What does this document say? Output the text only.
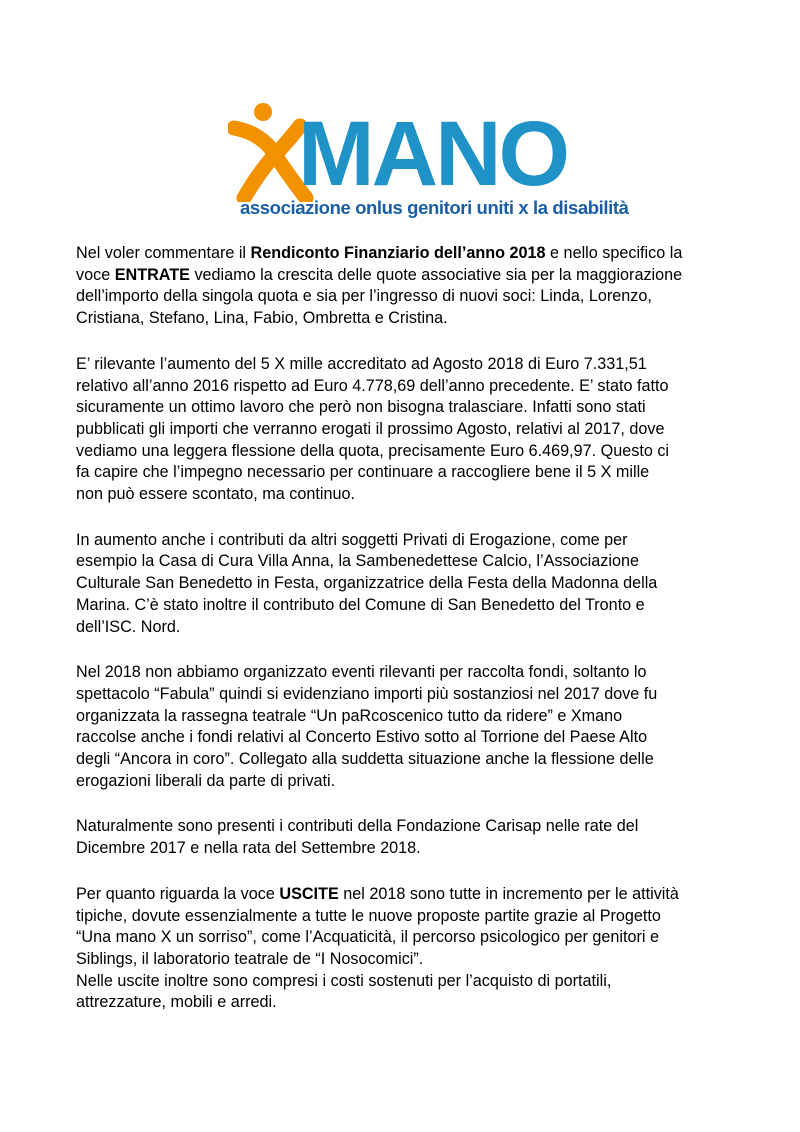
MANO
associazione onlus genitori uniti x la disabilità

Nel voler commentare il Rendiconto Finanziario dell’anno 2018 e nello specifico la
voce ENTRATE vediamo la crescita delle quote associative sia per la maggiorazione
dell’importo della singola quota e sia per l’ingresso di nuovi soci: Linda, Lorenzo,
Cristiana, Stefano, Lina, Fabio, Ombretta e Cristina.

E’ rilevante l’aumento del 5 X mille accreditato ad Agosto 2018 di Euro 7.331,51
relativo all’anno 2016 rispetto ad Euro 4.778,69 dell’anno precedente. E’ stato fatto
sicuramente un ottimo lavoro che però non bisogna tralasciare. Infatti sono stati
pubblicati gli importi che verranno erogati il prossimo Agosto, relativi al 2017, dove
vediamo una leggera flessione della quota, precisamente Euro 6.469,97. Questo ci
fa capire che l’impegno necessario per continuare a raccogliere bene il 5 X mille
non può essere scontato, ma continuo.

In aumento anche i contributi da altri soggetti Privati di Erogazione, come per
esempio la Casa di Cura Villa Anna, la Sambenedettese Calcio, l’Associazione
Culturale San Benedetto in Festa, organizzatrice della Festa della Madonna della
Marina. C’è stato inoltre il contributo del Comune di San Benedetto del Tronto e
dell’ISC. Nord.

Nel 2018 non abbiamo organizzato eventi rilevanti per raccolta fondi, soltanto lo
spettacolo “Fabula” quindi si evidenziano importi più sostanziosi nel 2017 dove fu
organizzata la rassegna teatrale “Un paRcoscenico tutto da ridere” e Xmano
raccolse anche i fondi relativi al Concerto Estivo sotto al Torrione del Paese Alto
degli “Ancora in coro”. Collegato alla suddetta situazione anche la flessione delle
erogazioni liberali da parte di privati.

Naturalmente sono presenti i contributi della Fondazione Carisap nelle rate del
Dicembre 2017 e nella rata del Settembre 2018.

Per quanto riguarda la voce USCITE nel 2018 sono tutte in incremento per le attività
tipiche, dovute essenzialmente a tutte le nuove proposte partite grazie al Progetto
“Una mano X un sorriso”, come l’Acquaticità, il percorso psicologico per genitori e
Siblings, il laboratorio teatrale de “I Nosocomici”.

Nelle uscite inoltre sono compresi i costi sostenuti per l’acquisto di portatili,
attrezzature, mobili e arredi.
